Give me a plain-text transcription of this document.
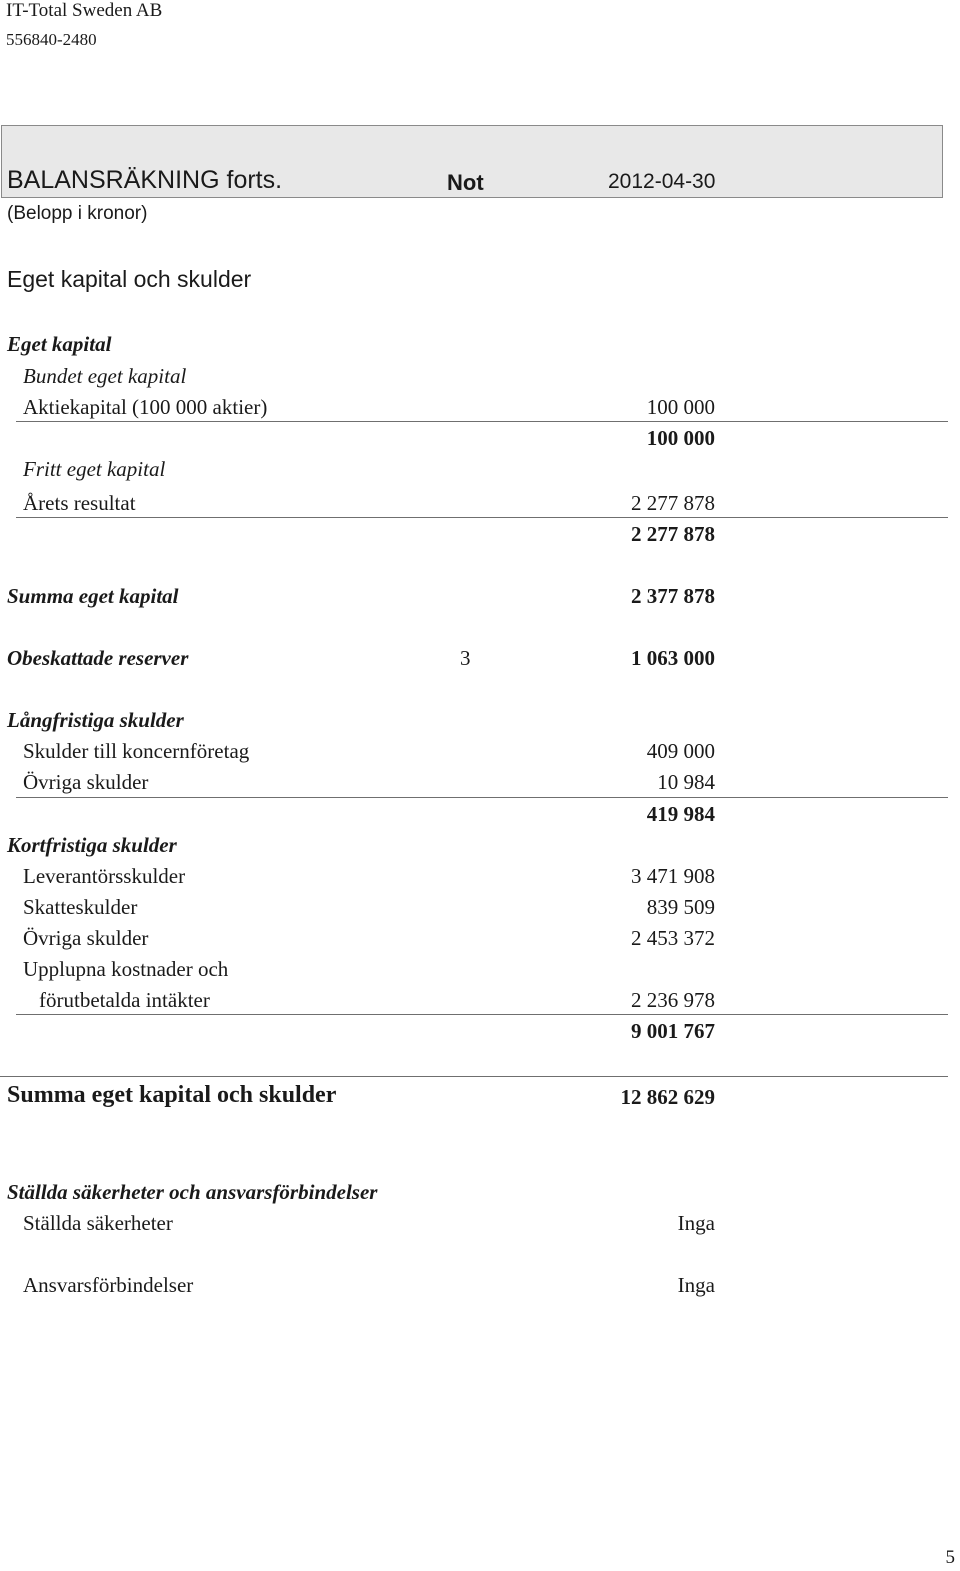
IT-Total Sweden AB
556840-2480
BALANSRÄKNING forts.	Not	2012-04-30
(Belopp i kronor)
Eget kapital och skulder
Eget kapital
Bundet eget kapital
Aktiekapital (100 000 aktier)	100 000
100 000
Fritt eget kapital
Årets resultat	2 277 878
2 277 878
Summa eget kapital	2 377 878
Obeskattade reserver	3	1 063 000
Långfristiga skulder
Skulder till koncernföretag	409 000
Övriga skulder	10 984
419 984
Kortfristiga skulder
Leverantörsskulder	3 471 908
Skatteskulder	839 509
Övriga skulder	2 453 372
Upplupna kostnader och
förutbetalda intäkter	2 236 978
9 001 767
Summa eget kapital och skulder	12 862 629
Ställda säkerheter och ansvarsförbindelser
Ställda säkerheter	Inga
Ansvarsförbindelser	Inga
5
